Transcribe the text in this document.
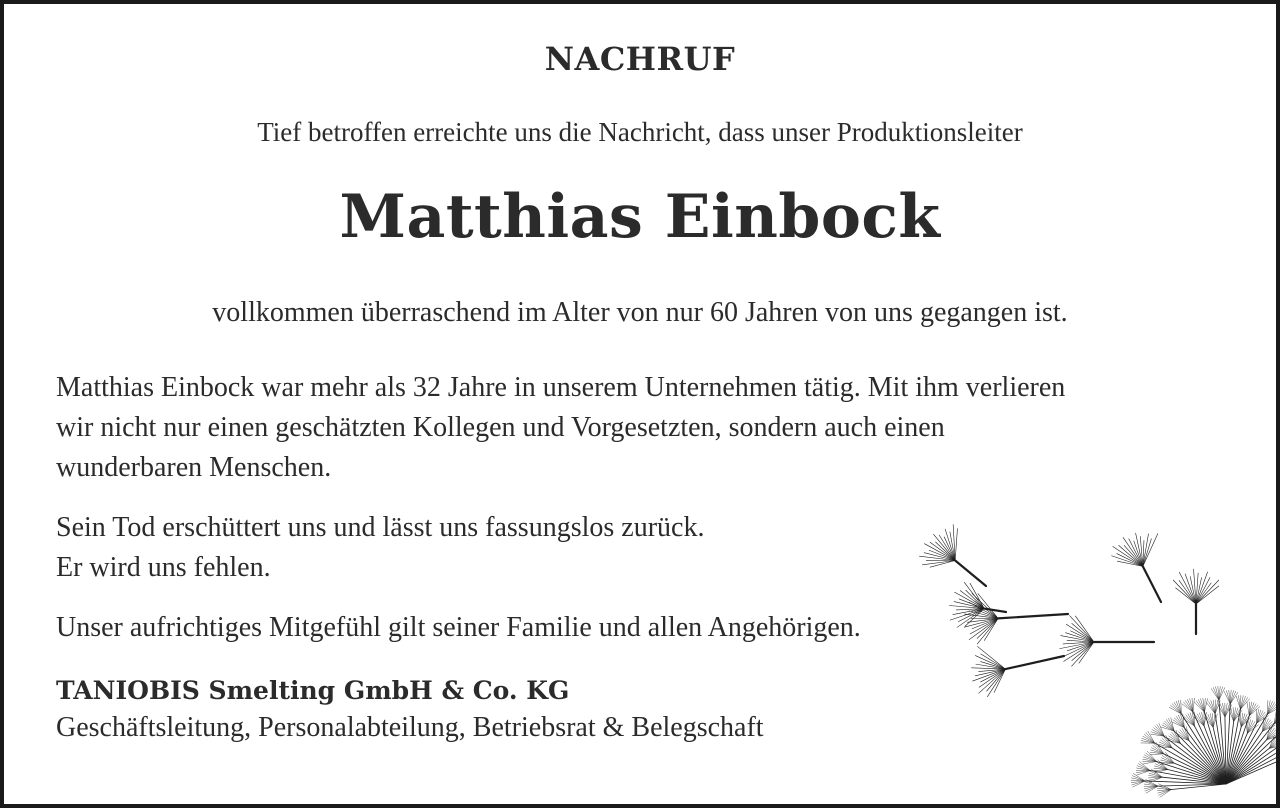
NACHRUF
Tief betroffen erreichte uns die Nachricht, dass unser Produktionsleiter
Matthias Einbock
vollkommen überraschend im Alter von nur 60 Jahren von uns gegangen ist.
Matthias Einbock war mehr als 32 Jahre in unserem Unternehmen tätig. Mit ihm verlieren
wir nicht nur einen geschätzten Kollegen und Vorgesetzten, sondern auch einen
wunderbaren Menschen.
Sein Tod erschüttert uns und lässt uns fassungslos zurück.
Er wird uns fehlen.
Unser aufrichtiges Mitgefühl gilt seiner Familie und allen Angehörigen.
TANIOBIS Smelting GmbH & Co. KG
Geschäftsleitung, Personalabteilung, Betriebsrat & Belegschaft
